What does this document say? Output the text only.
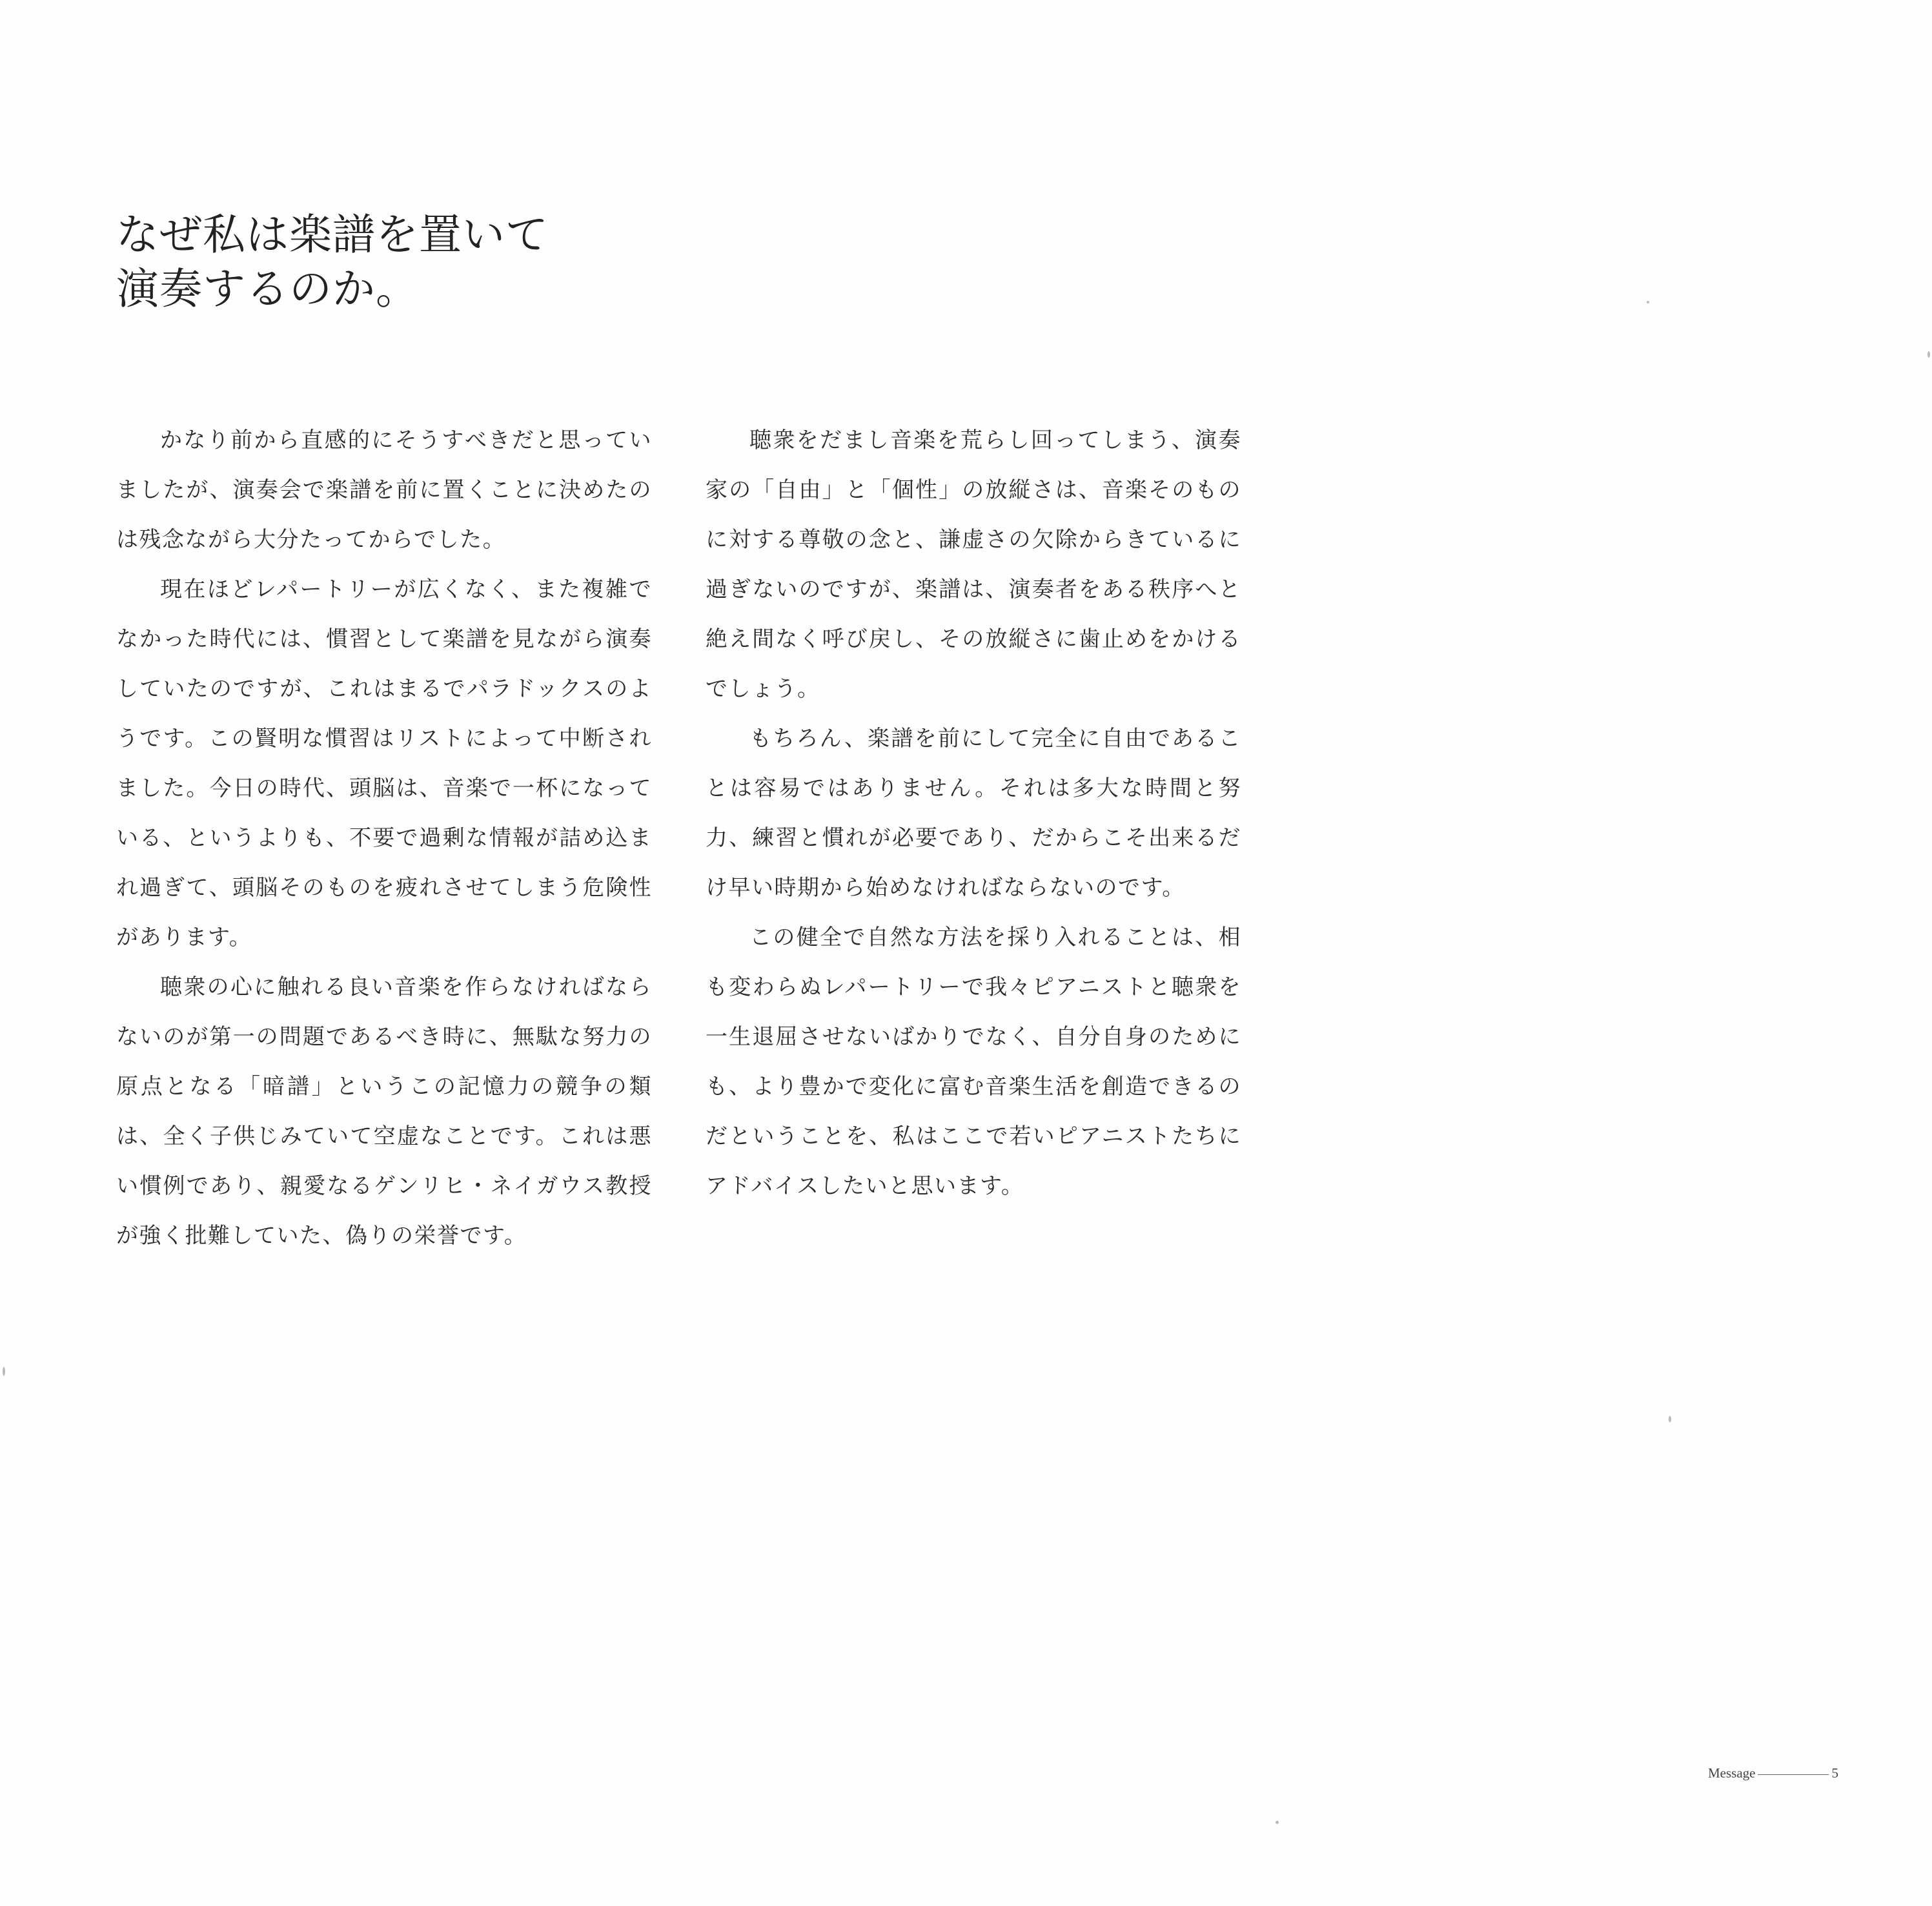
なぜ私は楽譜を置いて
演奏するのか。

かなり前から直感的にそうすべきだと思っていましたが、演奏会で楽譜を前に置くことに決めたのは残念ながら大分たってからでした。

現在ほどレパートリーが広くなく、また複雑でなかった時代には、慣習として楽譜を見ながら演奏していたのですが、これはまるでパラドックスのようです。この賢明な慣習はリストによって中断されました。今日の時代、頭脳は、音楽で一杯になっている、というよりも、不要で過剰な情報が詰め込まれ過ぎて、頭脳そのものを疲れさせてしまう危険性があります。

聴衆の心に触れる良い音楽を作らなければならないのが第一の問題であるべき時に、無駄な努力の原点となる「暗譜」というこの記憶力の競争の類は、全く子供じみていて空虚なことです。これは悪い慣例であり、親愛なるゲンリヒ・ネイガウス教授が強く批難していた、偽りの栄誉です。

聴衆をだまし音楽を荒らし回ってしまう、演奏家の「自由」と「個性」の放縦さは、音楽そのものに対する尊敬の念と、謙虚さの欠除からきているに過ぎないのですが、楽譜は、演奏者をある秩序へと絶え間なく呼び戻し、その放縦さに歯止めをかけるでしょう。

もちろん、楽譜を前にして完全に自由であることは容易ではありません。それは多大な時間と努力、練習と慣れが必要であり、だからこそ出来るだけ早い時期から始めなければならないのです。

この健全で自然な方法を採り入れることは、相も変わらぬレパートリーで我々ピアニストと聴衆を一生退屈させないばかりでなく、自分自身のためにも、より豊かで変化に富む音楽生活を創造できるのだということを、私はここで若いピアニストたちにアドバイスしたいと思います。

Message	5
